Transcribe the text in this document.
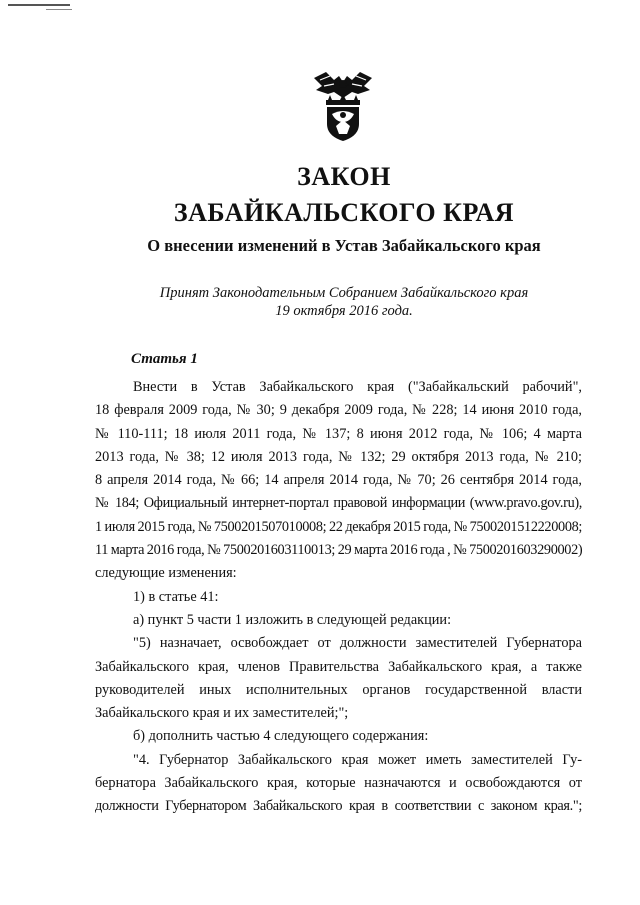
ЗАКОН
ЗАБАЙКАЛЬСКОГО КРАЯ
О внесении изменений в Устав Забайкальского края
Принят Законодательным Собранием Забайкальского края
19 октября 2016 года.
Статья 1
Внести в Устав Забайкальского края ("Забайкальский рабочий",
18 февраля 2009 года, № 30; 9 декабря 2009 года, № 228; 14 июня 2010 года,
№ 110-111; 18 июля 2011 года, № 137; 8 июня 2012 года, № 106; 4 марта
2013 года, № 38; 12 июля 2013 года, № 132; 29 октября 2013 года, № 210;
8 апреля 2014 года, № 66; 14 апреля 2014 года, № 70; 26 сентября 2014 года,
№ 184; Официальный интернет-портал правовой информации (www.pravo.gov.ru),
1 июля 2015 года, № 7500201507010008; 22 декабря 2015 года, № 7500201512220008;
11 марта 2016 года, № 7500201603110013; 29 марта 2016 года , № 7500201603290002)
следующие изменения:
1) в статье 41:
а) пункт 5 части 1 изложить в следующей редакции:
"5) назначает, освобождает от должности заместителей Губернатора
Забайкальского края, членов Правительства Забайкальского края, а также
руководителей иных исполнительных органов государственной власти
Забайкальского края и их заместителей;";
б) дополнить частью 4 следующего содержания:
"4. Губернатор Забайкальского края может иметь заместителей Гу-
бернатора Забайкальского края, которые назначаются и освобождаются от
должности Губернатором Забайкальского края в соответствии с законом края.";
